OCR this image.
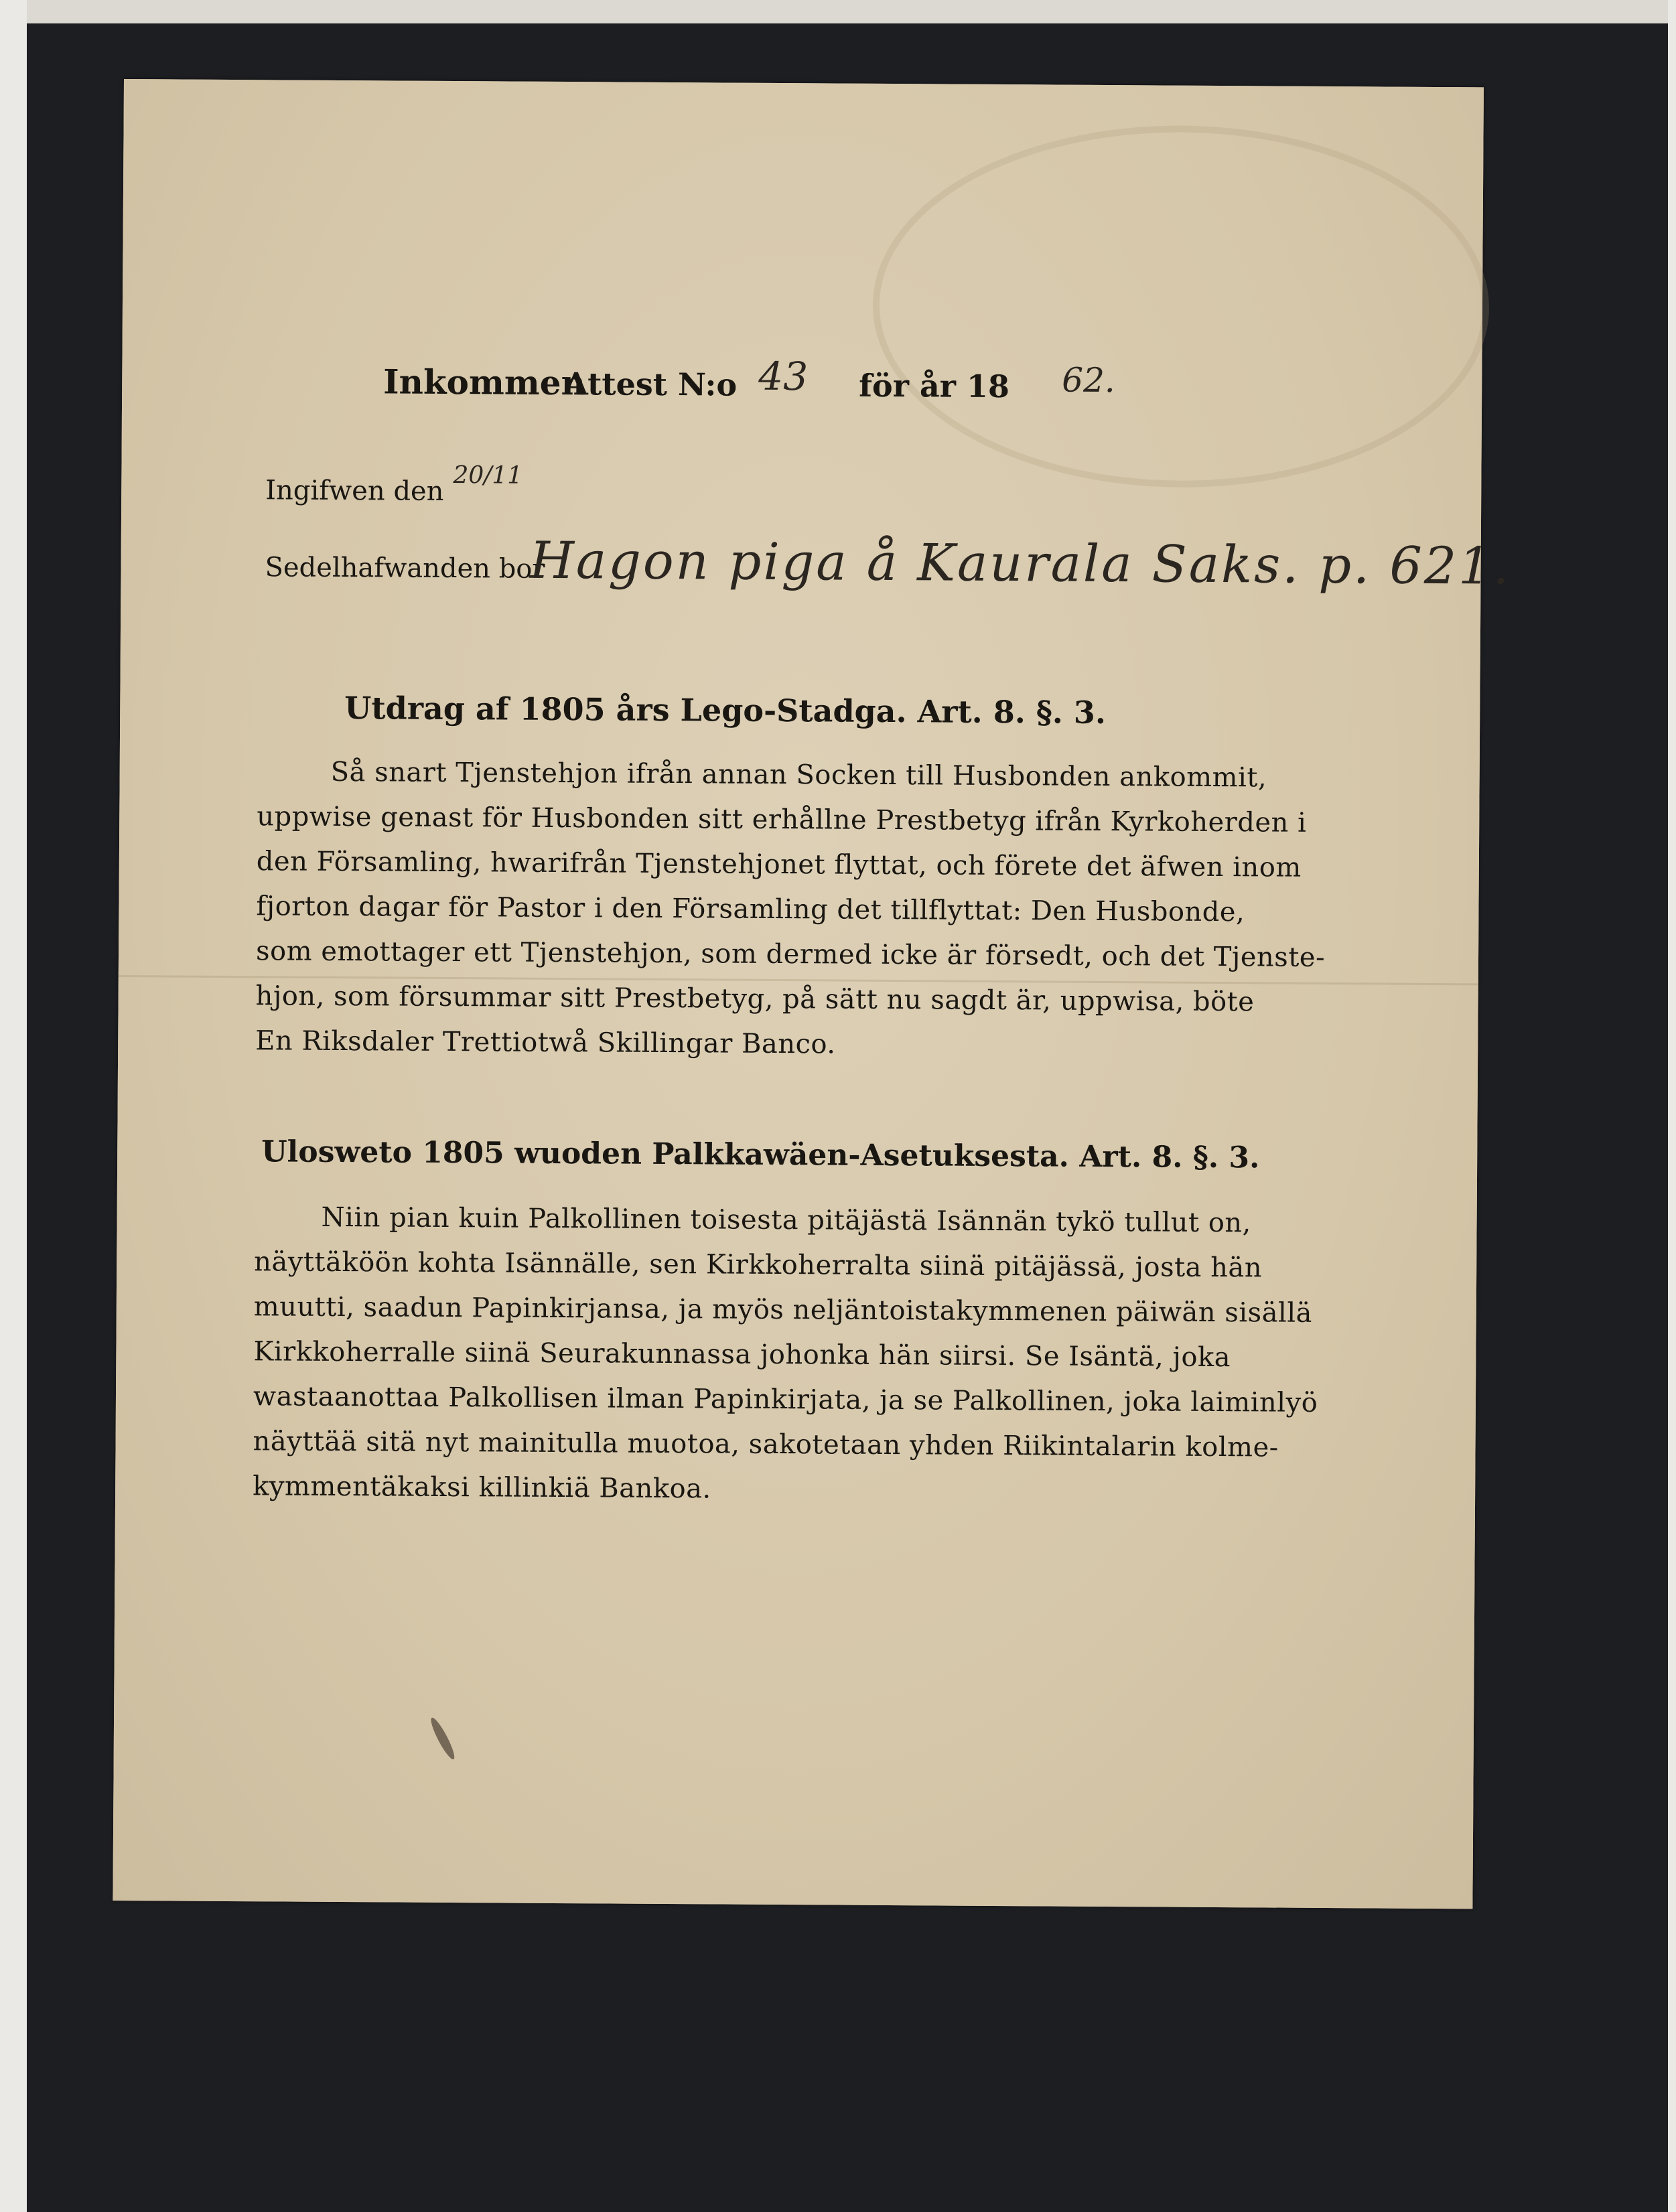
Inkommen
Attest N:o 43 för år 18 62.
Ingifwen den 20/11
Sedelhafwanden bor
Hagon piga å Kaurala Saks. p. 621.
Utdrag af 1805 års Lego-Stadga. Art. 8. §. 3.
Så snart Tjenstehjon ifrån annan Socken till Husbonden ankommit,
uppwise genast för Husbonden sitt erhållne Prestbetyg ifrån Kyrkoherden i
den Församling, hwarifrån Tjenstehjonet flyttat, och förete det äfwen inom
fjorton dagar för Pastor i den Församling det tillflyttat: Den Husbonde,
som emottager ett Tjenstehjon, som dermed icke är försedt, och det Tjenste-
hjon, som försummar sitt Prestbetyg, på sätt nu sagdt är, uppwisa, böte
En Riksdaler Trettiotwå Skillingar Banco.
Ulosweto 1805 wuoden Palkkawäen-Asetuksesta. Art. 8. §. 3.
Niin pian kuin Palkollinen toisesta pitäjästä Isännän tykö tullut on,
näyttäköön kohta Isännälle, sen Kirkkoherralta siinä pitäjässä, josta hän
muutti, saadun Papinkirjansa, ja myös neljäntoistakymmenen päiwän sisällä
Kirkkoherralle siinä Seurakunnassa johonka hän siirsi. Se Isäntä, joka
wastaanottaa Palkollisen ilman Papinkirjata, ja se Palkollinen, joka laiminlyö
näyttää sitä nyt mainitulla muotoa, sakotetaan yhden Riikintalarin kolme-
kymmentäkaksi killinkiä Bankoa.
